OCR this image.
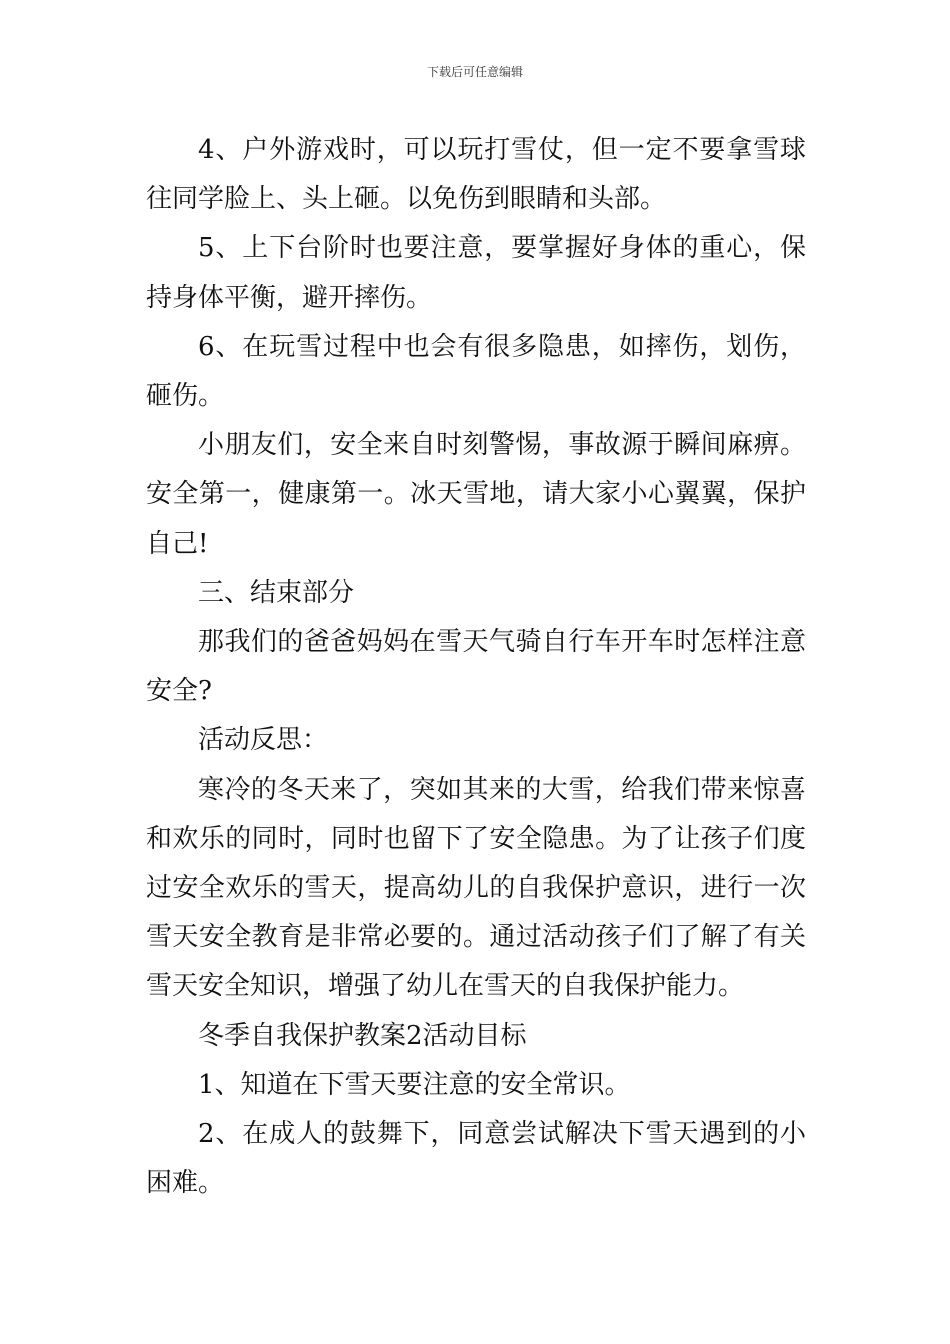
下载后可任意编辑

4、户外游戏时，可以玩打雪仗，但一定不要拿雪球往同学脸上、头上砸。以免伤到眼睛和头部。

5、上下台阶时也要注意，要掌握好身体的重心，保持身体平衡，避开摔伤。

6、在玩雪过程中也会有很多隐患，如摔伤，划伤，砸伤。

小朋友们，安全来自时刻警惕，事故源于瞬间麻痹。安全第一，健康第一。冰天雪地，请大家小心翼翼，保护自己!

三、结束部分

那我们的爸爸妈妈在雪天气骑自行车开车时怎样注意安全?

活动反思：

寒冷的冬天来了，突如其来的大雪，给我们带来惊喜和欢乐的同时，同时也留下了安全隐患。为了让孩子们度过安全欢乐的雪天，提高幼儿的自我保护意识，进行一次雪天安全教育是非常必要的。通过活动孩子们了解了有关雪天安全知识，增强了幼儿在雪天的自我保护能力。

冬季自我保护教案2活动目标

1、知道在下雪天要注意的安全常识。

2、在成人的鼓舞下，同意尝试解决下雪天遇到的小困难。
